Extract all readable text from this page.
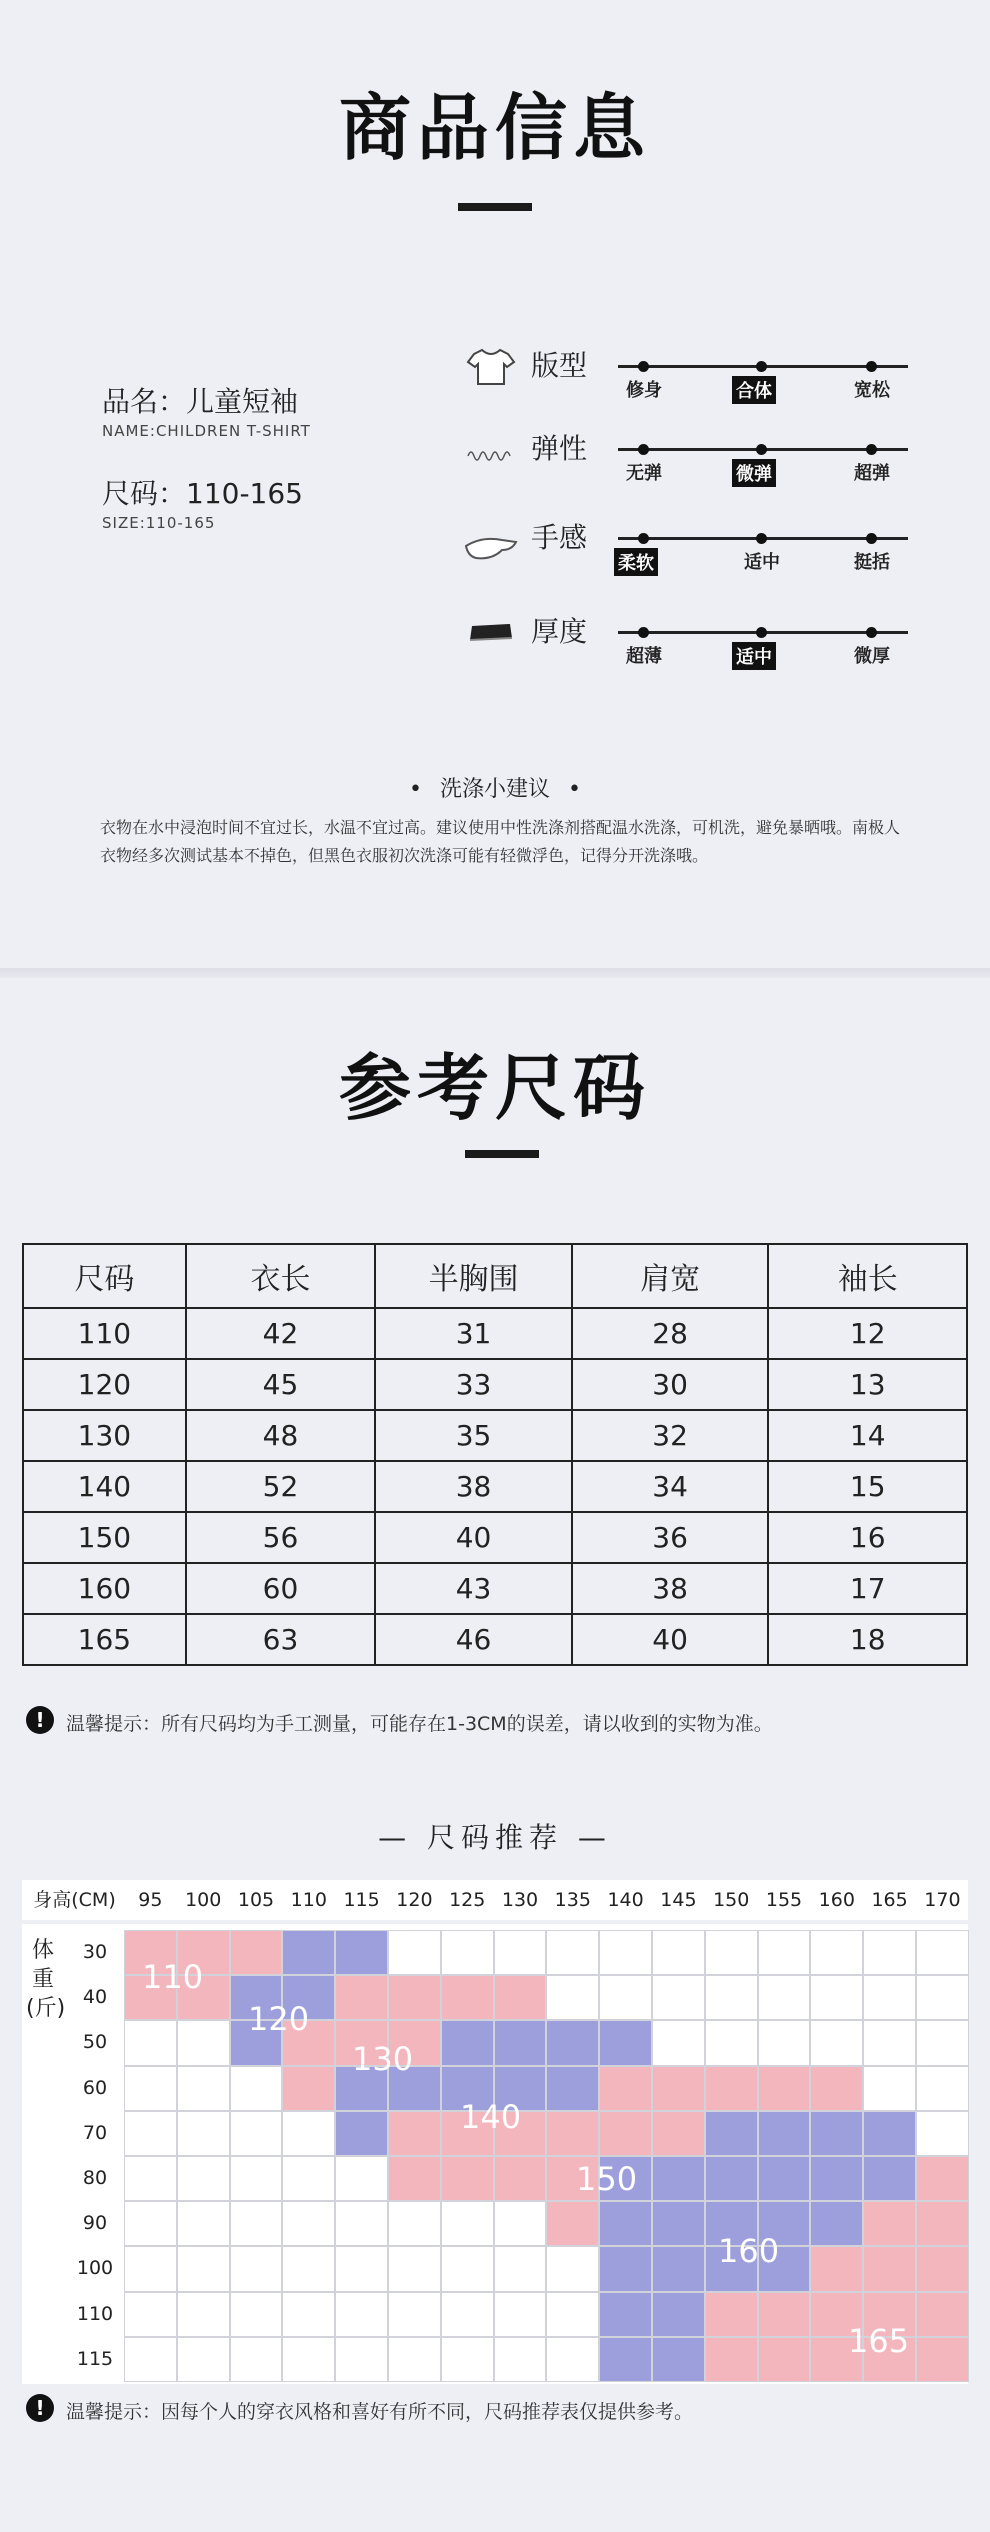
商品信息
品名：儿童短袖
NAME:CHILDREN T-SHIRT
尺码：110-165
SIZE:110-165
版型
修身	合体	宽松
弹性
无弹	微弹	超弹
手感
柔软	适中	挺括
厚度
超薄	适中	微厚
• 洗涤小建议 •
衣物在水中浸泡时间不宜过长，水温不宜过高。建议使用中性洗涤剂搭配温水洗涤，可机洗，避免暴晒哦。南极人衣物经多次测试基本不掉色，但黑色衣服初次洗涤可能有轻微浮色，记得分开洗涤哦。
参考尺码
尺码	衣长	半胸围	肩宽	袖长
110	42	31	28	12
120	45	33	30	13
130	48	35	32	14
140	52	38	34	15
150	56	40	36	16
160	60	43	38	17
165	63	46	40	18
!	温馨提示：所有尺码均为手工测量，可能存在1-3CM的误差，请以收到的实物为准。
— 尺码推荐 —
身高(CM)	95	100 105 110 115 120 125 130 135 140 145 150 155 160 165 170
体
重
(斤)
30
40
50
60
70
80
90
100
110
115
110
120
130
140
150
160
165
!	温馨提示：因每个人的穿衣风格和喜好有所不同，尺码推荐表仅提供参考。
